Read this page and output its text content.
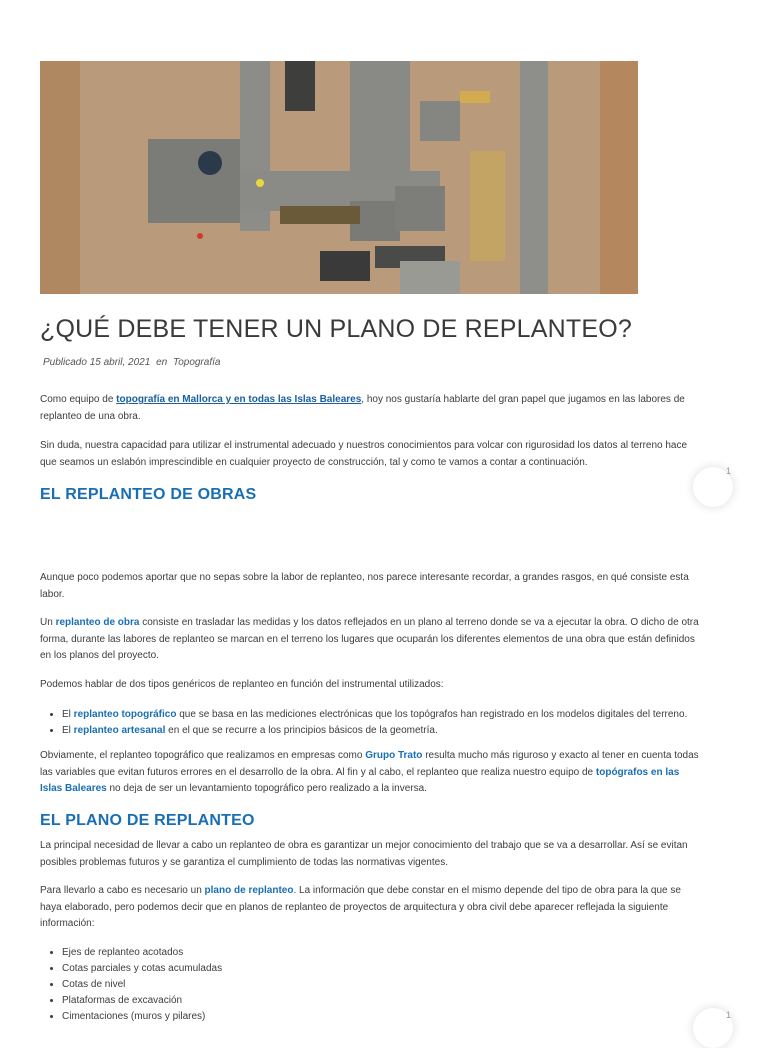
¿QUÉ DEBE TENER UN PLANO DE REPLANTEO?
Publicado 15 abril, 2021 en Topografía

Como equipo de topografía en Mallorca y en todas las Islas Baleares, hoy nos gustaría hablarte del gran papel que jugamos en las labores de replanteo de una obra.

Sin duda, nuestra capacidad para utilizar el instrumental adecuado y nuestros conocimientos para volcar con rigurosidad los datos al terreno hace que seamos un eslabón imprescindible en cualquier proyecto de construcción, tal y como te vamos a contar a continuación.

EL REPLANTEO DE OBRAS

Aunque poco podemos aportar que no sepas sobre la labor de replanteo, nos parece interesante recordar, a grandes rasgos, en qué consiste esta labor.

Un replanteo de obra consiste en trasladar las medidas y los datos reflejados en un plano al terreno donde se va a ejecutar la obra. O dicho de otra forma, durante las labores de replanteo se marcan en el terreno los lugares que ocuparán los diferentes elementos de una obra que están definidos en los planos del proyecto.

Podemos hablar de dos tipos genéricos de replanteo en función del instrumental utilizados:

• El replanteo topográfico que se basa en las mediciones electrónicas que los topógrafos han registrado en los modelos digitales del terreno.
• El replanteo artesanal en el que se recurre a los principios básicos de la geometría.

Obviamente, el replanteo topográfico que realizamos en empresas como Grupo Trato resulta mucho más riguroso y exacto al tener en cuenta todas las variables que evitan futuros errores en el desarrollo de la obra. Al fin y al cabo, el replanteo que realiza nuestro equipo de topógrafos en las Islas Baleares no deja de ser un levantamiento topográfico pero realizado a la inversa.

EL PLANO DE REPLANTEO

La principal necesidad de llevar a cabo un replanteo de obra es garantizar un mejor conocimiento del trabajo que se va a desarrollar. Así se evitan posibles problemas futuros y se garantiza el cumplimiento de todas las normativas vigentes.

Para llevarlo a cabo es necesario un plano de replanteo. La información que debe constar en el mismo depende del tipo de obra para la que se haya elaborado, pero podemos decir que en planos de replanteo de proyectos de arquitectura y obra civil debe aparecer reflejada la siguiente información:

• Ejes de replanteo acotados
• Cotas parciales y cotas acumuladas
• Cotas de nivel
• Plataformas de excavación
• Cimentaciones (muros y pilares)
1
1
